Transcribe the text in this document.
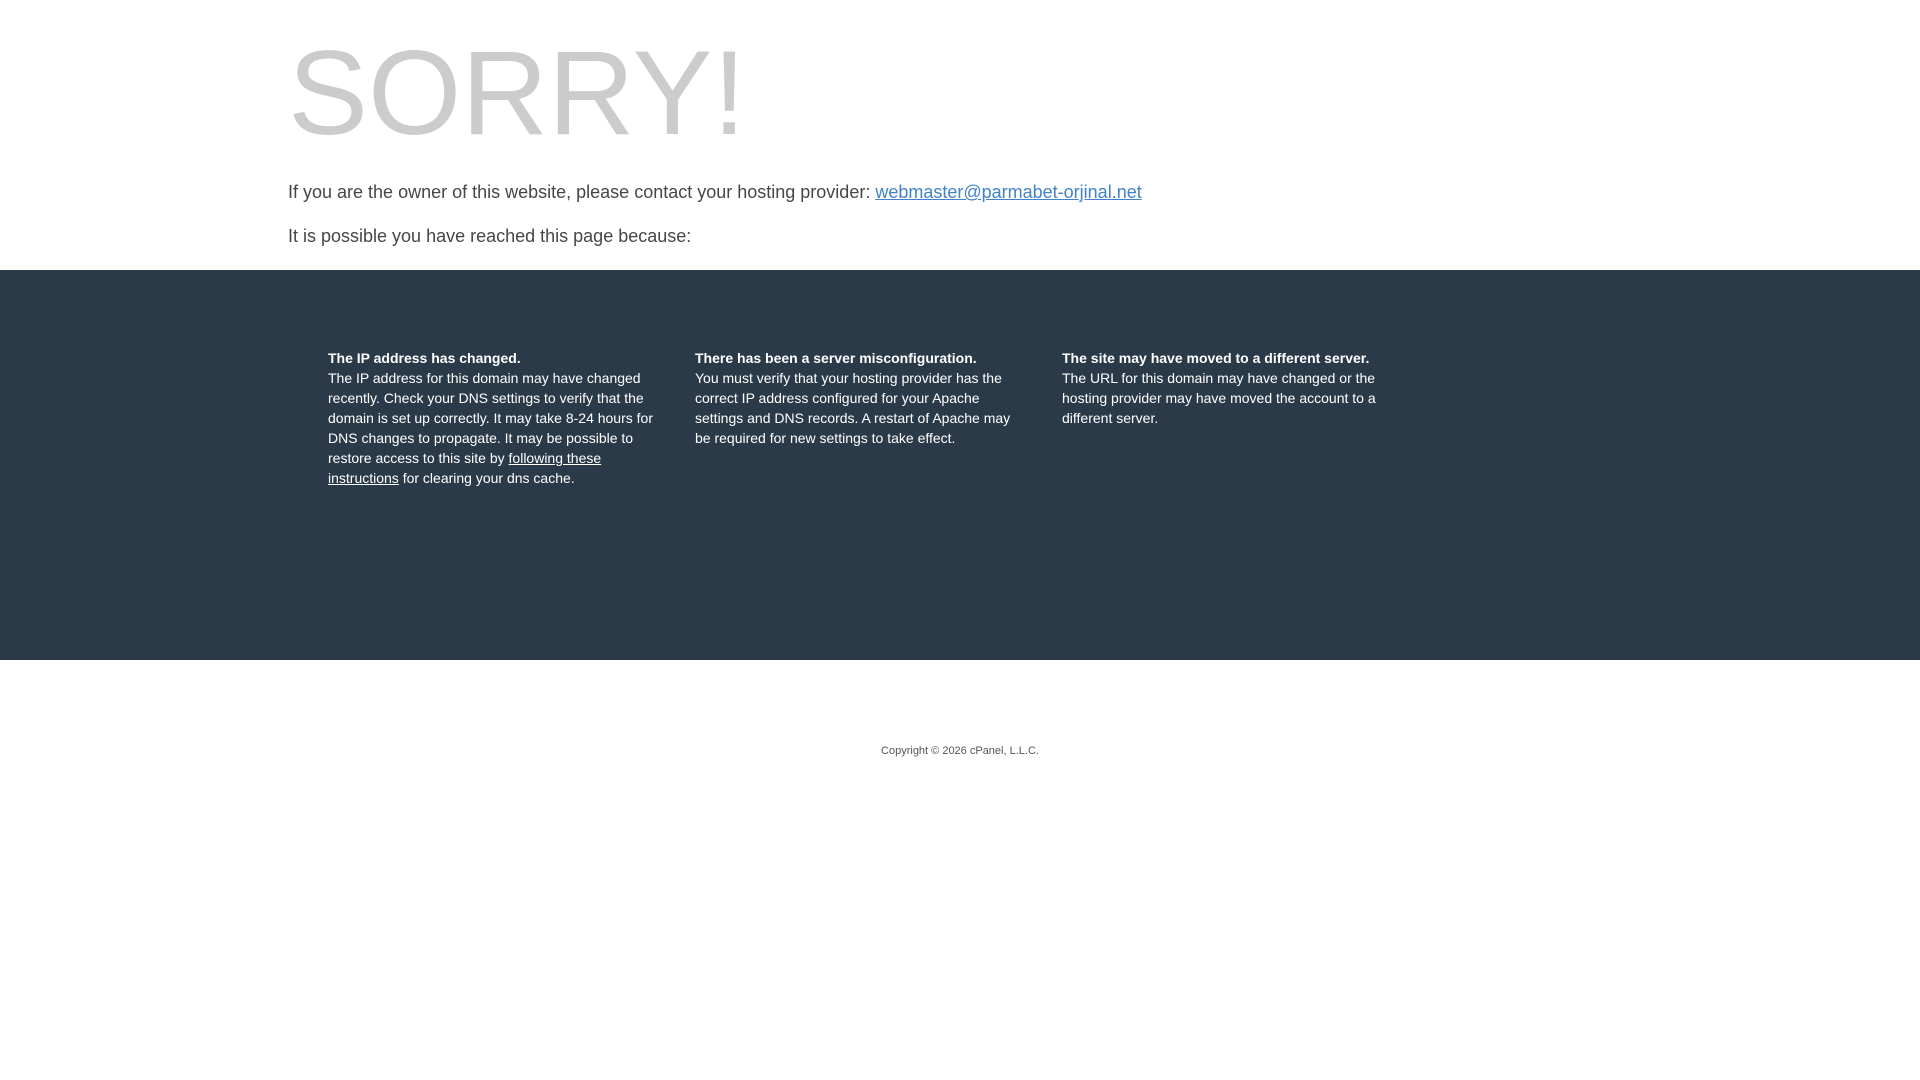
SORRY!

If you are the owner of this website, please contact your hosting provider: webmaster@parmabet-orjinal.net

It is possible you have reached this page because:

The IP address has changed.

The IP address for this domain may have changed recently. Check your DNS settings to verify that the domain is set up correctly. It may take 8-24 hours for DNS changes to propagate. It may be possible to restore access to this site by following these instructions for clearing your dns cache.

There has been a server misconfiguration.

You must verify that your hosting provider has the correct IP address configured for your Apache settings and DNS records. A restart of Apache may be required for new settings to take effect.

The site may have moved to a different server.

The URL for this domain may have changed or the hosting provider may have moved the account to a different server.

Copyright © 2026 cPanel, L.L.C.
